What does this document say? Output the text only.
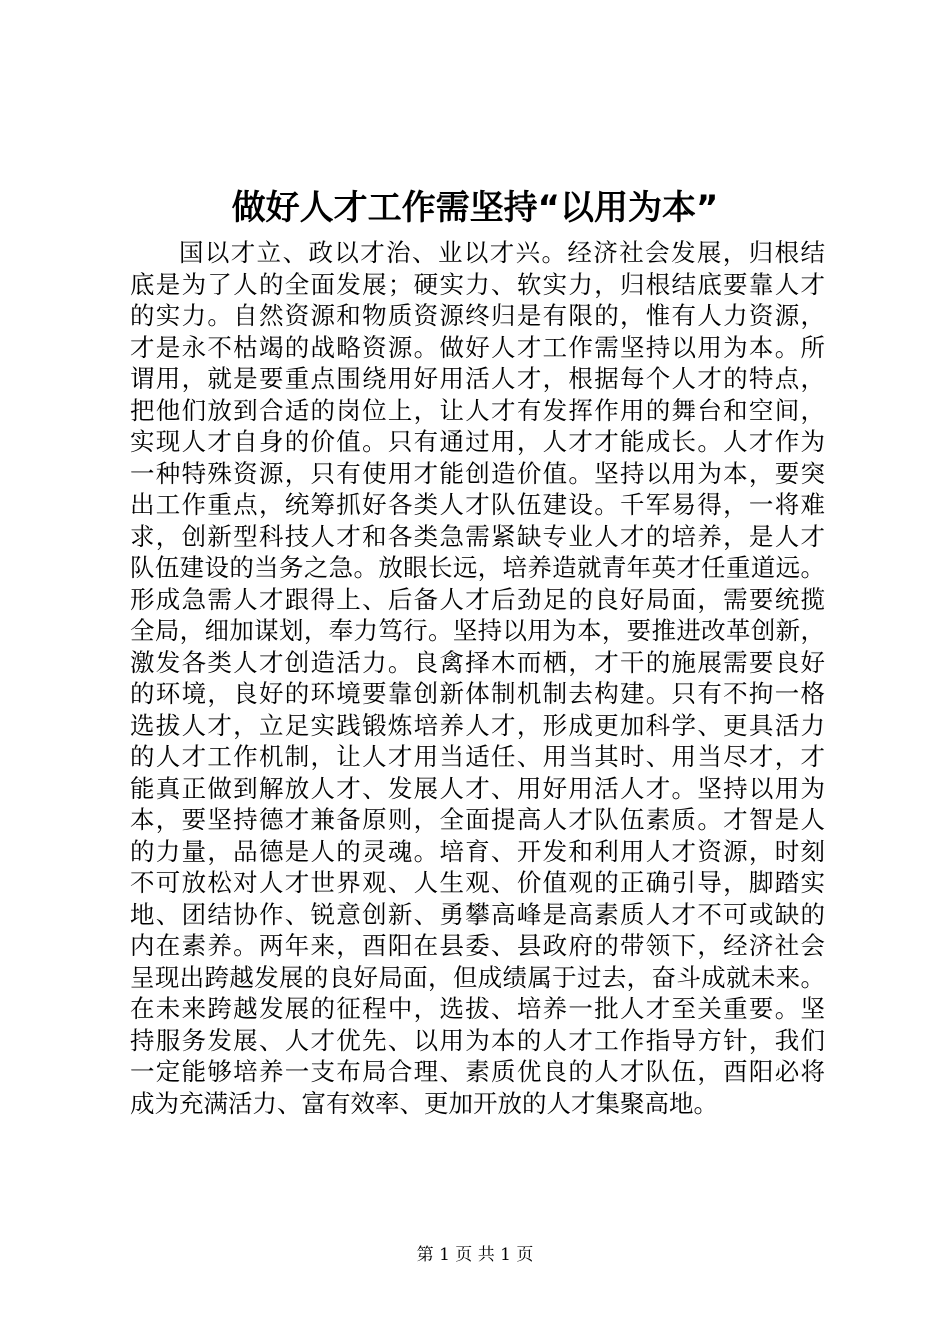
做好人才工作需坚持“以用为本”
国以才立、政以才治、业以才兴。经济社会发展，归根结
底是为了人的全面发展；硬实力、软实力，归根结底要靠人才
的实力。自然资源和物质资源终归是有限的，惟有人力资源，
才是永不枯竭的战略资源。做好人才工作需坚持以用为本。所
谓用，就是要重点围绕用好用活人才，根据每个人才的特点，
把他们放到合适的岗位上，让人才有发挥作用的舞台和空间，
实现人才自身的价值。只有通过用，人才才能成长。人才作为
一种特殊资源，只有使用才能创造价值。坚持以用为本，要突
出工作重点，统筹抓好各类人才队伍建设。千军易得，一将难
求，创新型科技人才和各类急需紧缺专业人才的培养，是人才
队伍建设的当务之急。放眼长远，培养造就青年英才任重道远。
形成急需人才跟得上、后备人才后劲足的良好局面，需要统揽
全局，细加谋划，奉力笃行。坚持以用为本，要推进改革创新，
激发各类人才创造活力。良禽择木而栖，才干的施展需要良好
的环境，良好的环境要靠创新体制机制去构建。只有不拘一格
选拔人才，立足实践锻炼培养人才，形成更加科学、更具活力
的人才工作机制，让人才用当适任、用当其时、用当尽才，才
能真正做到解放人才、发展人才、用好用活人才。坚持以用为
本，要坚持德才兼备原则，全面提高人才队伍素质。才智是人
的力量，品德是人的灵魂。培育、开发和利用人才资源，时刻
不可放松对人才世界观、人生观、价值观的正确引导，脚踏实
地、团结协作、锐意创新、勇攀高峰是高素质人才不可或缺的
内在素养。两年来，酉阳在县委、县政府的带领下，经济社会
呈现出跨越发展的良好局面，但成绩属于过去，奋斗成就未来。
在未来跨越发展的征程中，选拔、培养一批人才至关重要。坚
持服务发展、人才优先、以用为本的人才工作指导方针，我们
一定能够培养一支布局合理、素质优良的人才队伍，酉阳必将
成为充满活力、富有效率、更加开放的人才集聚高地。
第 1 页 共 1 页
